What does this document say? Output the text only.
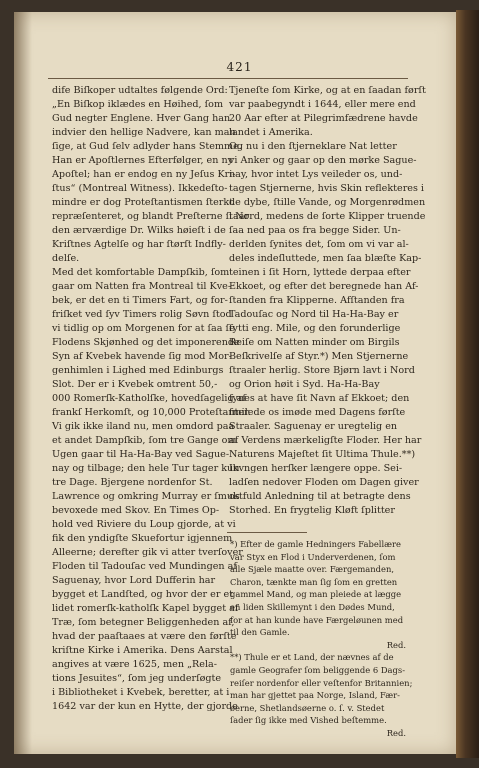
421
dife Biſkoper udtaltes følgende Ord:
„En Biſkop iklædes en Høihed, ſom
Gud negter Englene. Hver Gang han
indvier den hellige Nadvere, kan man
ſige, at Gud ſelv adlyder hans Stemme.
Han er Apoſtlernes Efterfølger, en ny
Apoſtel; han er endog en ny Jeſus Kri-
ſtus“ (Montreal Witness). Ikkedeſto-
mindre er dog Proteſtantismen ſterkt
repræſenteret, og blandt Preſterne ſtaar
den ærværdige Dr. Wilks høieſt i de
Kriſtnes Agtelſe og har ſtørſt Indfly-
delſe.
Med det komfortable Dampſkib, ſom
gaar om Natten fra Montreal til Kve-
bek, er det en ti Timers Fart, og for-
friſket ved ſyv Timers rolig Søvn ſtod
vi tidlig op om Morgenen for at ſaa ſe
Flodens Skjønhed og det imponerende
Syn af Kvebek havende ſig mod Mor-
genhimlen i Lighed med Edinburgs
Slot. Der er i Kvebek omtrent 50,-
000 Romerſk-Katholſke, hovedſagelig af
frankſ Herkomſt, og 10,000 Proteſtanter.
Vi gik ikke iland nu, men omdord paa
et andet Dampſkib, ſom tre Gange om
Ugen gaar til Ha-Ha-Bay ved Sague-
nay og tilbage; den hele Tur tager kun
tre Dage. Bjergene nordenfor St.
Lawrence og omkring Murray er ſmukt
bevoxede med Skov. En Times Op-
hold ved Riviere du Loup gjorde, at vi
fik den yndigſte Skuefortur igjennem
Alleerne; derefter gik vi atter tverſover
Floden til Tadouſac ved Mundingen af
Saguenay, hvor Lord Dufferin har
bygget et Landſted, og hvor der er et
lidet romerſk-katholſk Kapel bygget af
Træ, ſom betegner Beliggenheden af,
hvad der paaſtaaes at være den førſte
kriſtne Kirke i Amerika. Dens Aarstal
angives at være 1625, men „Rela-
tions Jesuites“, ſom jeg underſøgte
i Bibliotheket i Kvebek, beretter, at i
1642 var der kun en Hytte, der gjorde
Tjeneſte ſom Kirke, og at en ſaadan førſt
var paabegyndt i 1644, eller mere end
20 Aar efter at Pilegrimfædrene havde
landet i Amerika.
Og nu i den ſtjerneklare Nat letter
vi Anker og gaar op den mørke Sague-
nay, hvor intet Lys veileder os, und-
tagen Stjernerne, hvis Skin reflekteres i
de dybe, ſtille Vande, og Morgenrødmen
i Nord, medens de ſorte Klipper truende
ſaa ned paa os fra begge Sider. Un-
derlden ſynites det, ſom om vi var al-
deles indeſluttede, men ſaa blæſte Kap-
teinen i ſit Horn, lyttede derpaa efter
Ekkoet, og efter det beregnede han Af-
ſtanden fra Klipperne. Afſtanden fra
Tadouſac og Nord til Ha-Ha-Bay er
ſytti eng. Mile, og den forunderlige
Reiſe om Natten minder om Birgils
Beſkrivelſe af Styr.*) Men Stjernerne
ſtraaler herlig. Store Bjørn lavt i Nord
og Orion høit i Syd. Ha-Ha-Bay
ſynes at have ſit Navn af Ekkoet; den
ſmilede os imøde med Dagens førſte
Straaler. Saguenay er uregtelig en
af Verdens mærkeligſte Floder. Her har
Naturens Majeſtet ſit Ultima Thule.**)
Ikvngen herſker længere oppe. Sei-
ladſen nedover Floden om Dagen giver
os fuld Anledning til at betragte dens
Storhed. En frygtelig Kløft ſplitter
*) Efter de gamle Hedningers Fabellære
var Styx en Flod i Underverdenen, ſom
alle Sjæle maatte over. Færgemanden,
Charon, tænkte man ſig ſom en gretten
gammel Mand, og man pleiede at lægge
en liden Skillemynt i den Dødes Mund,
for at han kunde have Færgeløunen med
til den Gamle.
Red.
**) Thule er et Land, der nævnes af de
gamle Geografer ſom beliggende 6 Dags-
reiſer nordenfor eller veſtenfor Britannien;
man har gjettet paa Norge, Island, Fær-
øerne, Shetlandsøerne o. ſ. v. Stedet
ſader ſig ikke med Vished beſtemme.
Red.
